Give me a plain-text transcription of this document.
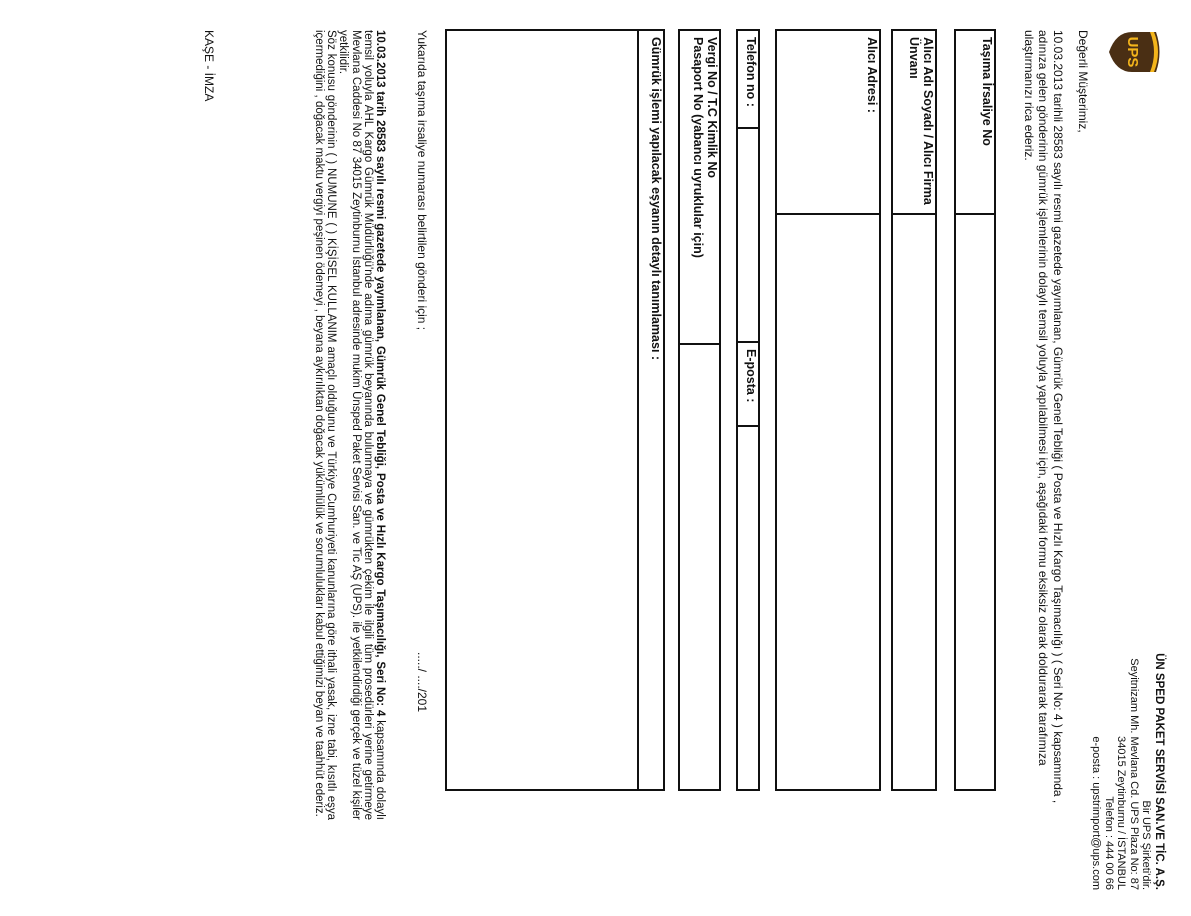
UPS
ÜN SPED PAKET SERVİSİ SAN.VE TİC. A.Ş.
Bir UPS Şirketi'dir.
Seyitnizam Mh. Mevlana Cd. UPS Plaza No: 87
34015 Zeytinburnu / İSTANBUL
Telefon : 444 00 66
e-posta : upstrimport@ups.com
Değerli Müşterimiz,
10.03.2013 tarihli 28583 sayılı resmi gazetede yayımlanan, Gümrük Genel Tebliği ( Posta ve Hızlı Kargo Taşımacılığı ) ( Seri No: 4 ) kapsamında , adınıza gelen gönderinin gümrük işlemlerinin dolaylı temsil yoluyla yapılabilmesi için, aşağıdaki formu eksiksiz olarak doldurarak tarafımıza ulaştırmanızı rica ederiz.
Taşıma İrsaliye No	
Alıcı Adı Soyadı / Alıcı Firma Ünvanı	
Alıcı Adresi :	
Telefon no :		E-posta :	
Vergi No / T.C Kimlik No
Pasaport No (yabancı uyruklular için)

Gümrük işlemi yapılacak eşyanın detaylı tanımlaması :

Yukarıda taşıma irsaliye numarası belirtilen gönderi için ;
...../ ..../201
10.03.2013 tarih 28583 sayılı resmi gazetede yayımlanan, Gümrük Genel Tebliği, Posta ve Hızlı Kargo Taşımacılığı, Seri No: 4 kapsamında dolaylı temsil yoluyla AHL Kargo Gümrük Müdürlüğü'nde adıma gümrük beyanında bulunmaya ve gümrükten çekim ile ilgili tüm prosedürleri yerine getirmeye Mevlana Caddesi No 87 34015 Zeytinburnu İstanbul adresinde mukim Ünsped Paket Servisi San. ve Tic AŞ (UPS). ile yetkilendirdiği gerçek ve tüzel kişiler yetkilidir.
Söz konusu gönderinin ( ) NUMUNE ( ) KİŞİSEL KULLANIM amaçlı olduğunu ve Türkiye Cumhuriyeti kanunlarına göre ithali yasak, izne tabi, kısıtlı eşya içermediğini , doğacak maktu vergiyi peşinen ödemeyi , beyana aykırılıktan doğacak yükümlülük ve sorumlulukları kabul ettiğimizi beyan ve taahhüt ederiz.
KAŞE - İMZA
